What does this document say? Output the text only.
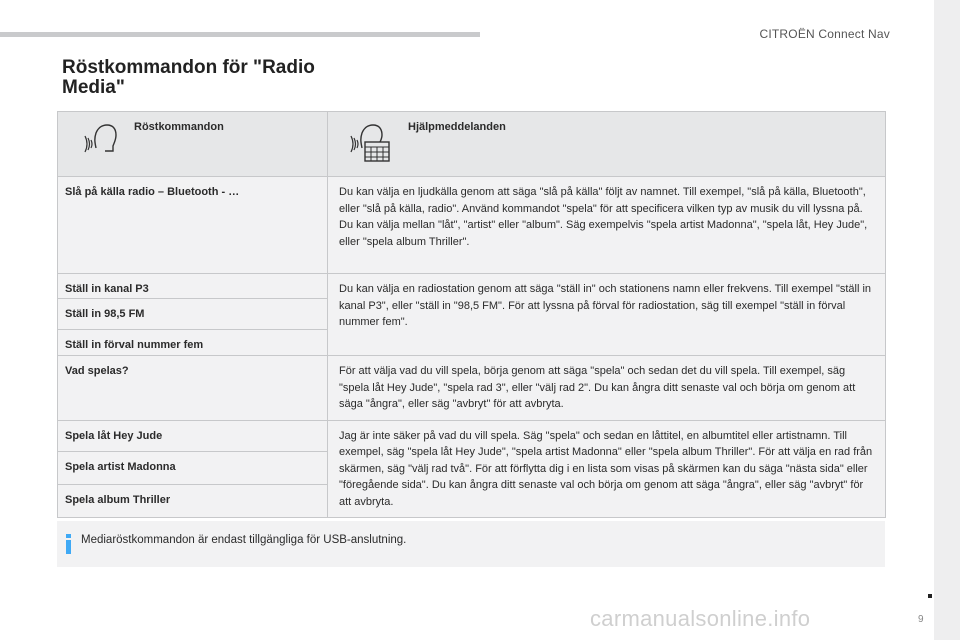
CITROËN Connect Nav
9
Röstkommandon för "Radio Media"
Röstkommandon	Hjälpmeddelanden

Slå på källa radio – Bluetooth - …	Du kan välja en ljudkälla genom att säga "slå på källa" följt av namnet. Till exempel, "slå på källa, Bluetooth", eller "slå på källa, radio". Använd kommandot "spela" för att specificera vilken typ av musik du vill lyssna på. Du kan välja mellan "låt", "artist" eller "album". Säg exempelvis "spela artist Madonna", "spela låt, Hey Jude", eller "spela album Thriller".

Ställ in kanal P3	Du kan välja en radiostation genom att säga "ställ in" och stationens namn eller frekvens. Till exempel "ställ in kanal P3", eller "ställ in "98,5 FM". För att lyssna på förval för radiostation, säg till exempel "ställ in förval nummer fem".

Ställ in 98,5 FM	

Ställ in förval nummer fem	

Vad spelas?	För att välja vad du vill spela, börja genom att säga "spela" och sedan det du vill spela. Till exempel, säg "spela låt Hey Jude", "spela rad 3", eller "välj rad 2". Du kan ångra ditt senaste val och börja om genom att säga "ångra", eller säg "avbryt" för att avbryta.

Spela låt Hey Jude	Jag är inte säker på vad du vill spela. Säg "spela" och sedan en låttitel, en albumtitel eller artistnamn. Till exempel, säg "spela låt Hey Jude", "spela artist Madonna" eller "spela album Thriller". För att välja en rad från skärmen, säg "välj rad två". För att förflytta dig i en lista som visas på skärmen kan du säga "nästa sida" eller "föregående sida". Du kan ångra ditt senaste val och börja om genom att säga "ångra", eller säg "avbryt" för att avbryta.

Spela artist Madonna	

Spela album Thriller	
Mediaröstkommandon är endast tillgängliga för USB-anslutning.
carmanualsonline.info
